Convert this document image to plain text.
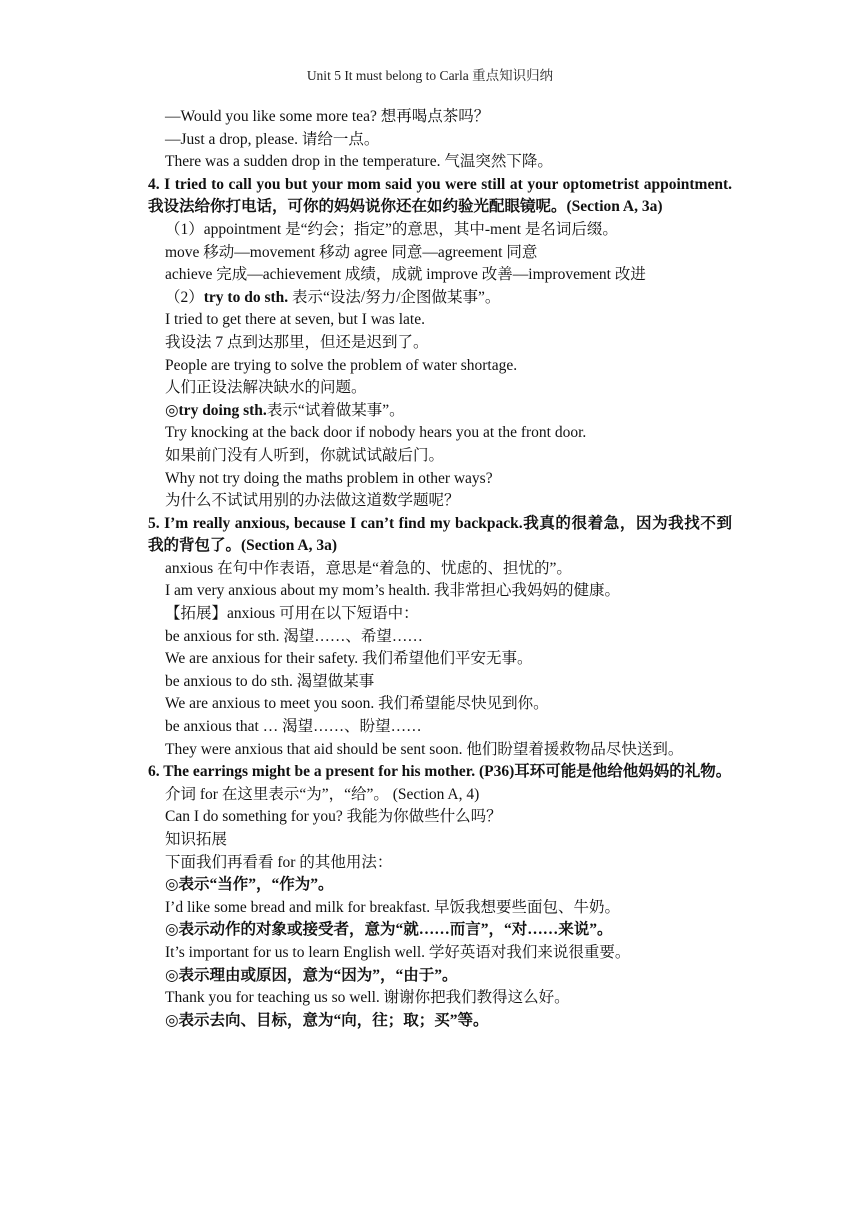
Unit 5 It must belong to Carla 重点知识归纳
—Would you like some more tea? 想再喝点茶吗？
—Just a drop, please. 请给一点。
There was a sudden drop in the temperature. 气温突然下降。
4. I tried to call you but your mom said you were still at your optometrist appointment. 我设法给你打电话，可你的妈妈说你还在如约验光配眼镜呢。(Section A, 3a)
（1）appointment 是“约会；指定”的意思，其中-ment 是名词后缀。
move 移动—movement 移动 agree 同意—agreement 同意
achieve 完成—achievement 成绩，成就 improve 改善—improvement 改进
（2）try to do sth. 表示“设法/努力/企图做某事”。
I tried to get there at seven, but I was late.
我设法 7 点到达那里，但还是迟到了。
People are trying to solve the problem of water shortage.
人们正设法解决缺水的问题。
◎try doing sth.表示“试着做某事”。
Try knocking at the back door if nobody hears you at the front door.
如果前门没有人听到，你就试试敲后门。
Why not try doing the maths problem in other ways?
为什么不试试用别的办法做这道数学题呢？
5. I’m really anxious, because I can’t find my backpack.我真的很着急，因为我找不到我的背包了。(Section A, 3a)
anxious 在句中作表语，意思是“着急的、忧虑的、担忧的”。
I am very anxious about my mom’s health. 我非常担心我妈妈的健康。
【拓展】anxious 可用在以下短语中：
be anxious for sth. 渴望……、希望……
We are anxious for their safety. 我们希望他们平安无事。
be anxious to do sth. 渴望做某事
We are anxious to meet you soon. 我们希望能尽快见到你。
be anxious that … 渴望……、盼望……
They were anxious that aid should be sent soon. 他们盼望着援救物品尽快送到。
6. The earrings might be a present for his mother. (P36)耳环可能是他给他妈妈的礼物。
介词 for 在这里表示“为”，“给”。 (Section A, 4)
Can I do something for you? 我能为你做些什么吗？
知识拓展
下面我们再看看 for 的其他用法：
◎表示“当作”，“作为”。
I’d like some bread and milk for breakfast. 早饭我想要些面包、牛奶。
◎表示动作的对象或接受者，意为“就……而言”，“对……来说”。
It’s important for us to learn English well. 学好英语对我们来说很重要。
◎表示理由或原因，意为“因为”，“由于”。
Thank you for teaching us so well. 谢谢你把我们教得这么好。
◎表示去向、目标，意为“向，往；取；买”等。
